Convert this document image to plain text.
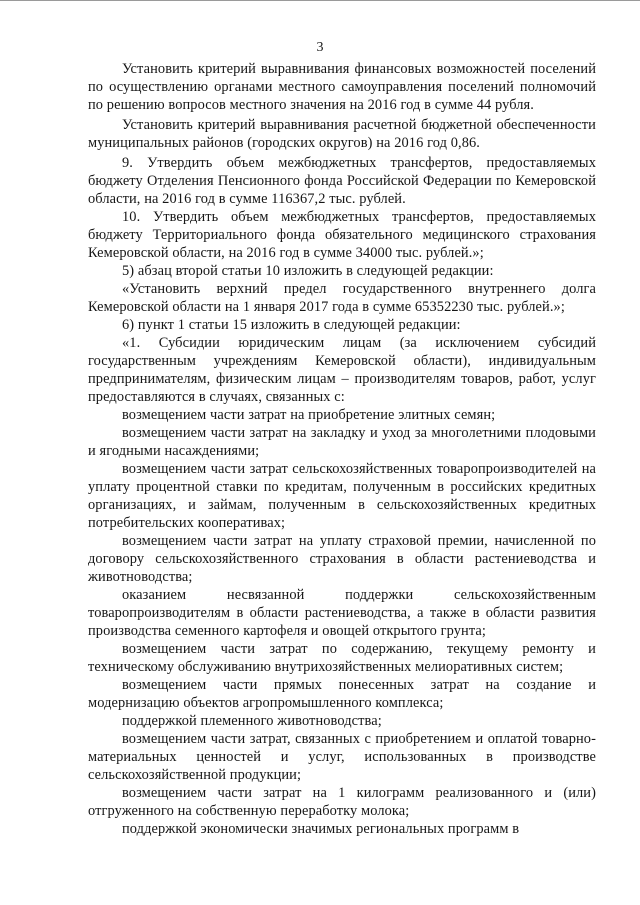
3

Установить критерий выравнивания финансовых возможностей поселений по осуществлению органами местного самоуправления поселений полномочий по решению вопросов местного значения на 2016 год в сумме 44 рубля.

Установить критерий выравнивания расчетной бюджетной обеспеченности муниципальных районов (городских округов) на 2016 год 0,86.

9. Утвердить объем межбюджетных трансфертов, предоставляемых бюджету Отделения Пенсионного фонда Российской Федерации по Кемеровской области, на 2016 год в сумме 116367,2 тыс. рублей.

10. Утвердить объем межбюджетных трансфертов, предоставляемых бюджету Территориального фонда обязательного медицинского страхования Кемеровской области, на 2016 год в сумме 34000 тыс. рублей.»;

5) абзац второй статьи 10 изложить в следующей редакции:

«Установить верхний предел государственного внутреннего долга Кемеровской области на 1 января 2017 года в сумме 65352230 тыс. рублей.»;

6) пункт 1 статьи 15 изложить в следующей редакции:

«1. Субсидии юридическим лицам (за исключением субсидий государственным учреждениям Кемеровской области), индивидуальным предпринимателям, физическим лицам – производителям товаров, работ, услуг предоставляются в случаях, связанных с:

возмещением части затрат на приобретение элитных семян;

возмещением части затрат на закладку и уход за многолетними плодовыми и ягодными насаждениями;

возмещением части затрат сельскохозяйственных товаропроизводителей на уплату процентной ставки по кредитам, полученным в российских кредитных организациях, и займам, полученным в сельскохозяйственных кредитных потребительских кооперативах;

возмещением части затрат на уплату страховой премии, начисленной по договору сельскохозяйственного страхования в области растениеводства и животноводства;

оказанием несвязанной поддержки сельскохозяйственным товаропроизводителям в области растениеводства, а также в области развития производства семенного картофеля и овощей открытого грунта;

возмещением части затрат по содержанию, текущему ремонту и техническому обслуживанию внутрихозяйственных мелиоративных систем;

возмещением части прямых понесенных затрат на создание и модернизацию объектов агропромышленного комплекса;

поддержкой племенного животноводства;

возмещением части затрат, связанных с приобретением и оплатой товарно-материальных ценностей и услуг, использованных в производстве сельскохозяйственной продукции;

возмещением части затрат на 1 килограмм реализованного и (или) отгруженного на собственную переработку молока;

поддержкой экономически значимых региональных программ в
